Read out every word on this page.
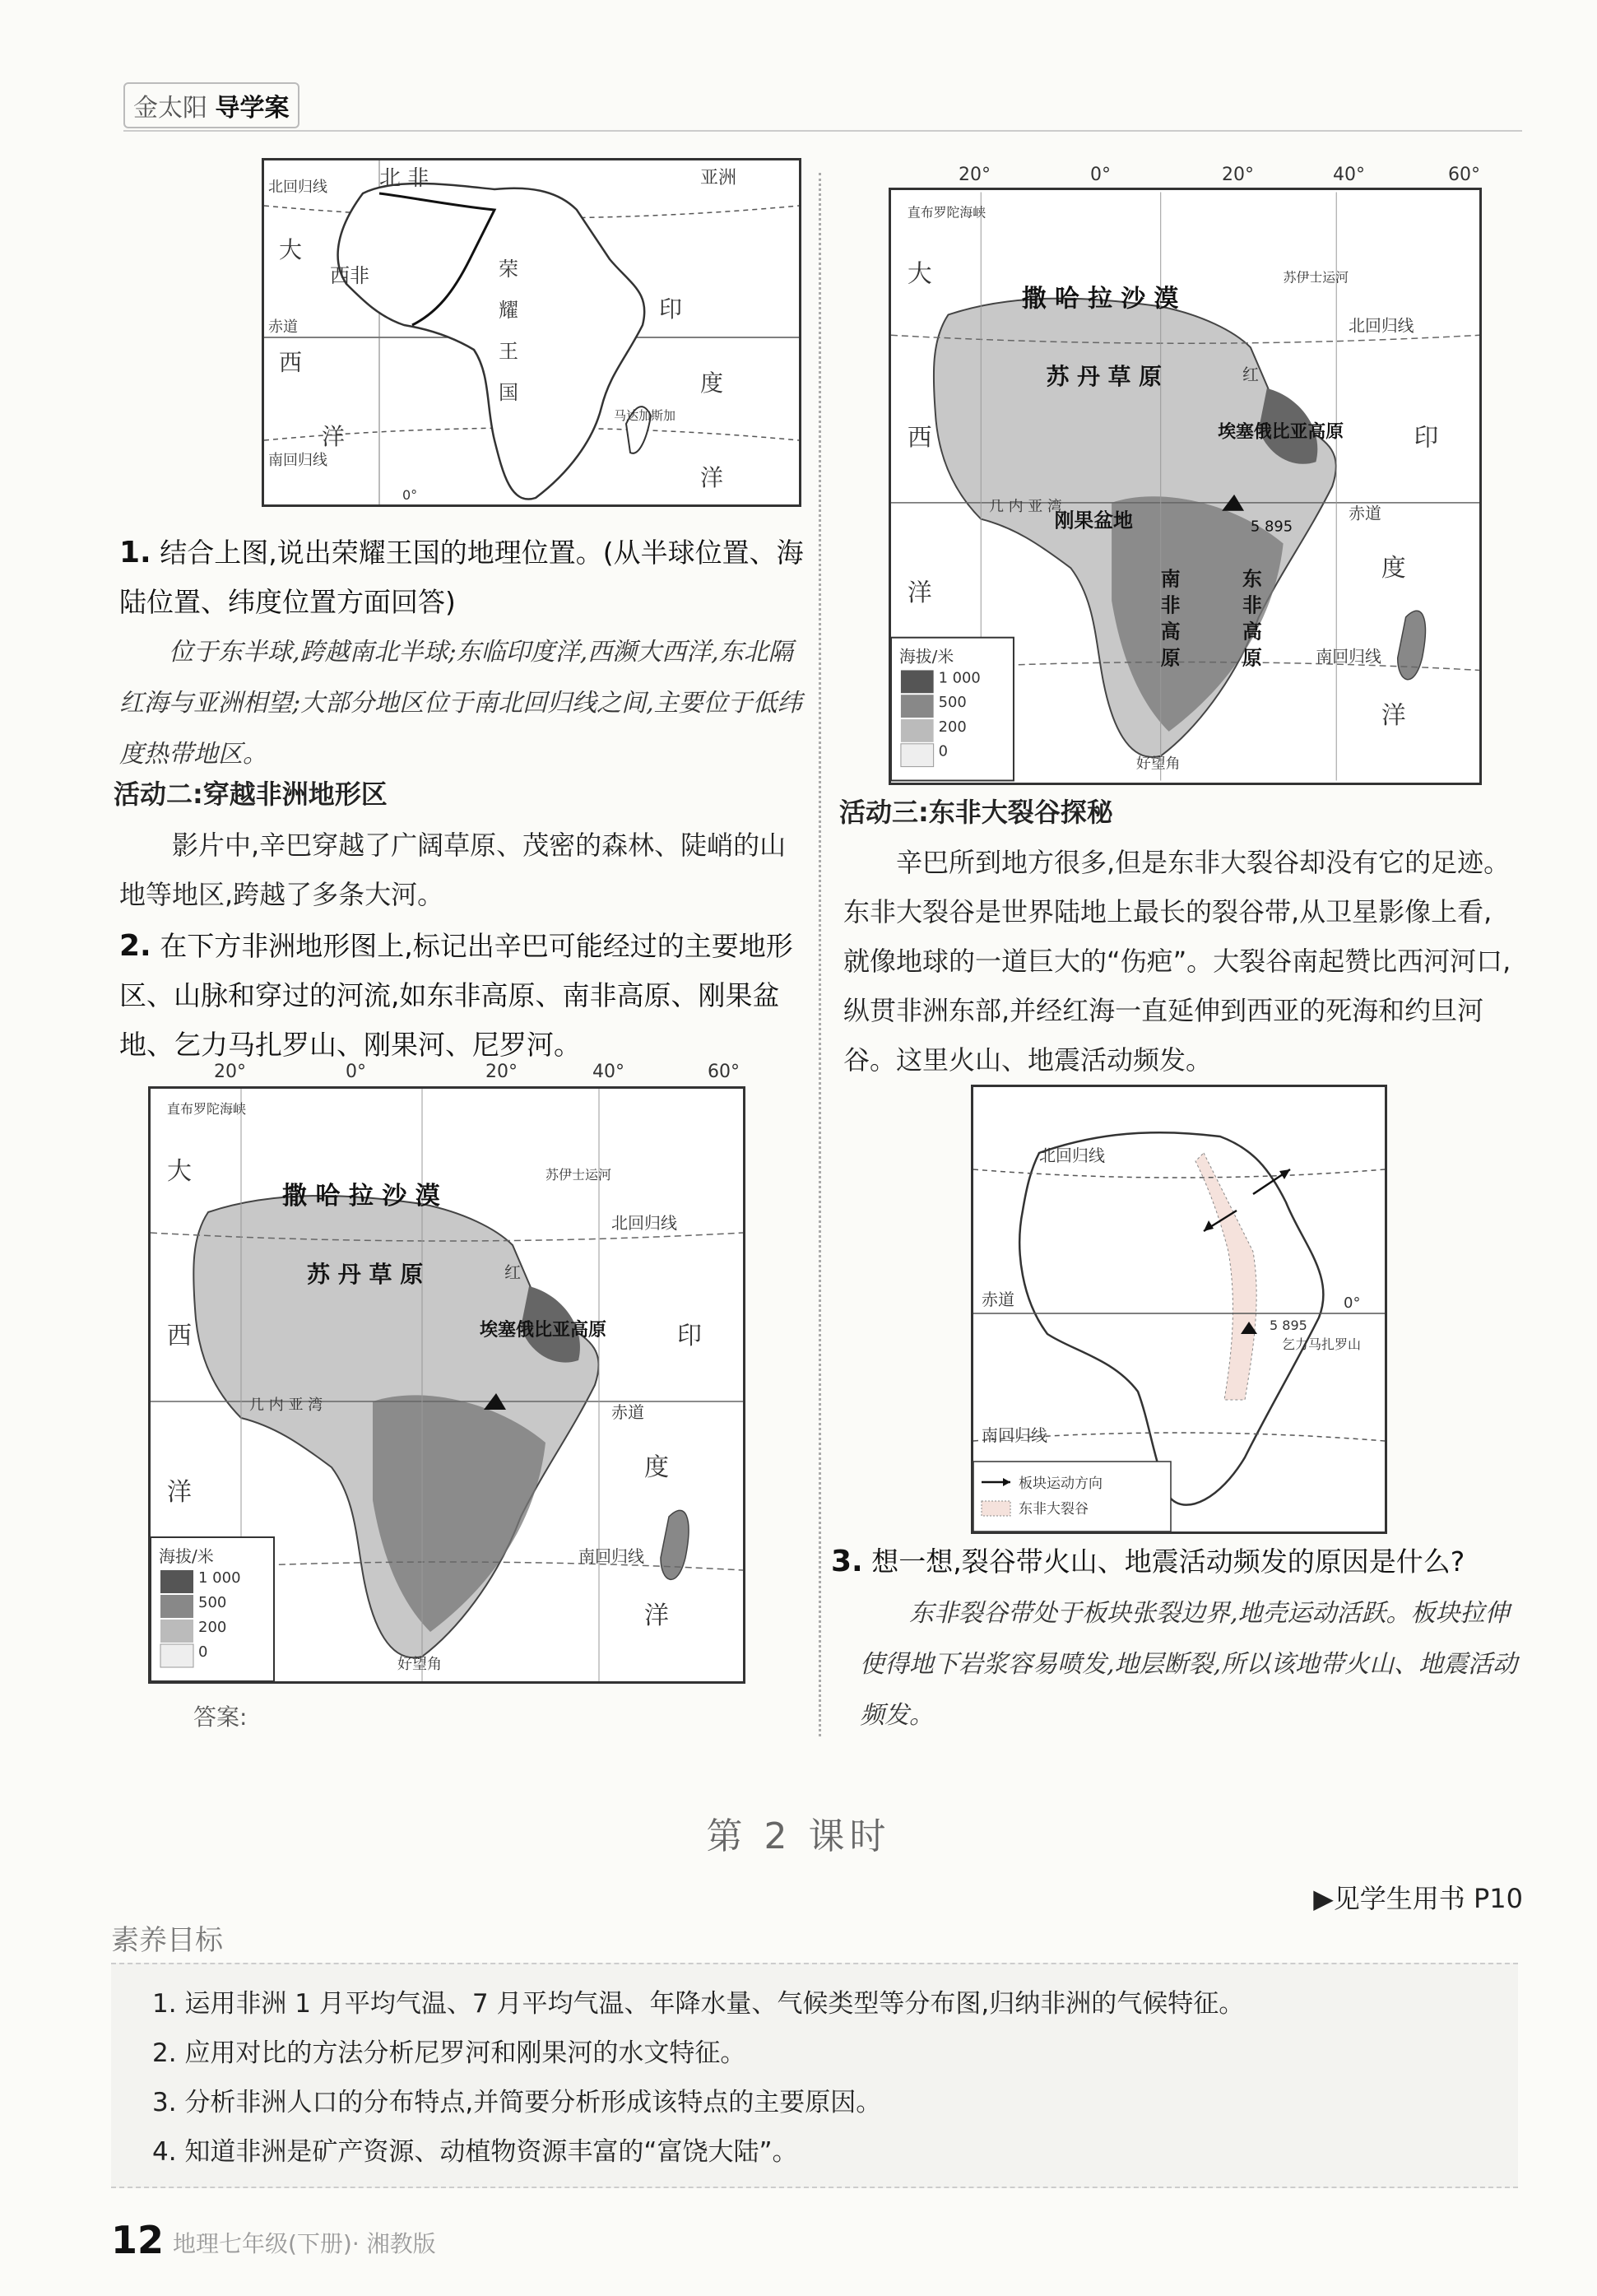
金太阳 导学案
北 非	亚洲
北回归线
大
西非	荣
耀
王
国
赤道
西
印
度
马达加斯加
洋
南回归线
洋
0°
1. 结合上图,说出荣耀王国的地理位置。(从半球位置、海陆位置、纬度位置方面回答)
位于东半球,跨越南北半球;东临印度洋,西濒大西洋,东北隔红海与亚洲相望;大部分地区位于南北回归线之间,主要位于低纬度热带地区。
活动二:穿越非洲地形区
影片中,辛巴穿越了广阔草原、茂密的森林、陡峭的山地等地区,跨越了多条大河。
2. 在下方非洲地形图上,标记出辛巴可能经过的主要地形区、山脉和穿过的河流,如东非高原、南非高原、刚果盆地、乞力马扎罗山、刚果河、尼罗河。
直布罗陀海峡
苏伊士运河
撒 哈 拉 沙 漠
苏 丹 草 原
埃塞俄比亚高原
几 内 亚 湾	赤道
北回归线
南回归线
大
西
洋
印
度
洋
红
好望角
海拔/米
1 000
500
200
0
20°	0°	20°	40°	60°
答案:
20°	0°	20°	40°	60°
直布罗陀海峡
苏伊士运河
撒 哈 拉 沙 漠
苏 丹 草 原
埃塞俄比亚高原
刚果盆地
几 内 亚 湾	赤道
北回归线
南回归线
5 895
大
西
洋
印
度
洋
红
好望角
东 非 高 原
南 非 高 原
海拔/米
1 000
500
200
0
活动三:东非大裂谷探秘
辛巴所到地方很多,但是东非大裂谷却没有它的足迹。东非大裂谷是世界陆地上最长的裂谷带,从卫星影像上看,就像地球的一道巨大的“伤疤”。大裂谷南起赞比西河河口,纵贯非洲东部,并经红海一直延伸到西亚的死海和约旦河谷。这里火山、地震活动频发。
北回归线
赤道	0°
5 895
乞力马扎罗山
南回归线
板块运动方向
东非大裂谷
3. 想一想,裂谷带火山、地震活动频发的原因是什么?
东非裂谷带处于板块张裂边界,地壳运动活跃。板块拉伸使得地下岩浆容易喷发,地层断裂,所以该地带火山、地震活动频发。
第 2 课时
▶见学生用书 P10
素养目标
1. 运用非洲 1 月平均气温、7 月平均气温、年降水量、气候类型等分布图,归纳非洲的气候特征。
2. 应用对比的方法分析尼罗河和刚果河的水文特征。
3. 分析非洲人口的分布特点,并简要分析形成该特点的主要原因。
4. 知道非洲是矿产资源、动植物资源丰富的“富饶大陆”。
12 地理七年级(下册)· 湘教版
